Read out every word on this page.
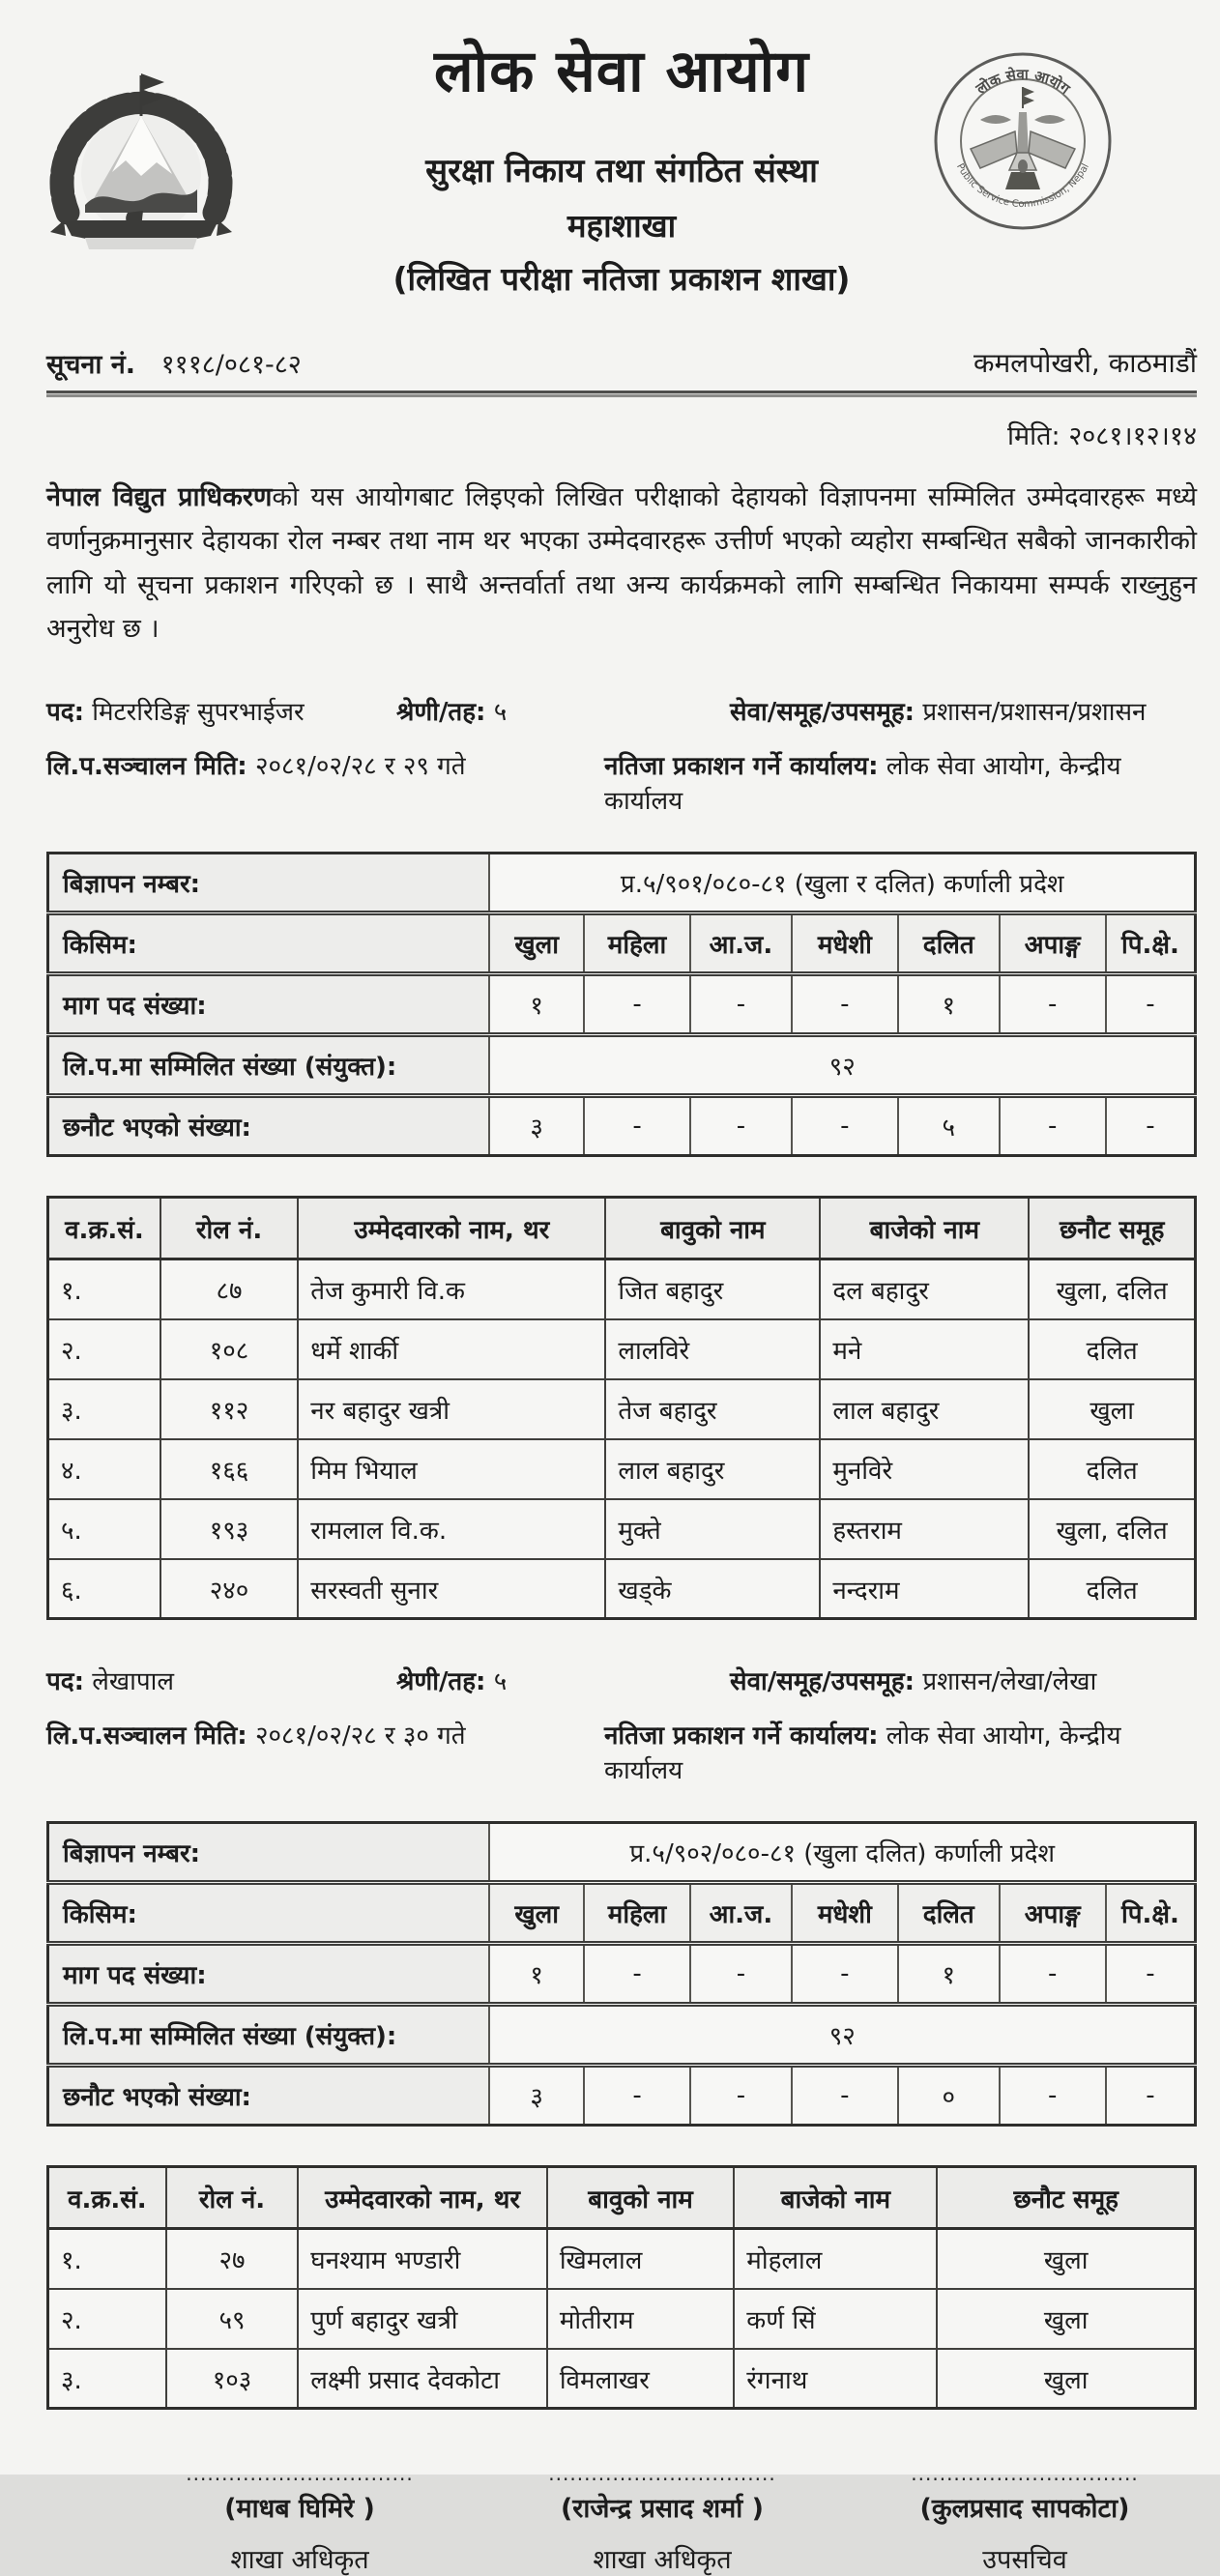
लोक सेवा आयोग	लोक सेवा आयोग
Public Service Commission, Nepal
सुरक्षा निकाय तथा संगठित संस्था
महाशाखा
(लिखित परीक्षा नतिजा प्रकाशन शाखा)
सूचना नं. १११८/०८१-८२	कमलपोखरी, काठमाडौं
मिति: २०८१।१२।१४

नेपाल विद्युत प्राधिकरणको यस आयोगबाट लिइएको लिखित परीक्षाको देहायको विज्ञापनमा सम्मिलित उम्मेदवारहरू मध्ये वर्णानुक्रमानुसार देहायका रोल नम्बर तथा नाम थर भएका उम्मेदवारहरू उत्तीर्ण भएको व्यहोरा सम्बन्धित सबैको जानकारीको लागि यो सूचना प्रकाशन गरिएको छ । साथै अन्तर्वार्ता तथा अन्य कार्यक्रमको लागि सम्बन्धित निकायमा सम्पर्क राख्नुहुन अनुरोध छ ।

पद: मिटररिडिङ्ग सुपरभाईजर	श्रेणी/तह: ५	सेवा/समूह/उपसमूह: प्रशासन/प्रशासन/प्रशासन
लि.प.सञ्चालन मिति: २०८१/०२/२८ र २९ गते	नतिजा प्रकाशन गर्ने कार्यालय: लोक सेवा आयोग, केन्द्रीय कार्यालय
बिज्ञापन नम्बर:	प्र.५/९०१/०८०-८१ (खुला र दलित) कर्णाली प्रदेश						
किसिम:	खुला	महिला	आ.ज.	मधेशी	दलित	अपाङ्ग	पि.क्षे.
माग पद संख्या:	१	-	-	-	१	-	-
लि.प.मा सम्मिलित संख्या (संयुक्त):	९२						
छनौट भएको संख्या:	३	-	-	-	५	-	-
व.क्र.सं.	रोल नं.	उम्मेदवारको नाम, थर	बावुको नाम	बाजेको नाम	छनौट समूह
१.	८७	तेज कुमारी वि.क	जित बहादुर	दल बहादुर	खुला, दलित
२.	१०८	धर्मे शार्की	लालविरे	मने	दलित
३.	११२	नर बहादुर खत्री	तेज बहादुर	लाल बहादुर	खुला
४.	१६६	मिम भियाल	लाल बहादुर	मुनविरे	दलित
५.	१९३	रामलाल वि.क.	मुक्ते	हस्तराम	खुला, दलित
६.	२४०	सरस्वती सुनार	खड्के	नन्दराम	दलित
पद: लेखापाल	श्रेणी/तह: ५	सेवा/समूह/उपसमूह: प्रशासन/लेखा/लेखा
लि.प.सञ्चालन मिति: २०८१/०२/२८ र ३० गते	नतिजा प्रकाशन गर्ने कार्यालय: लोक सेवा आयोग, केन्द्रीय कार्यालय
बिज्ञापन नम्बर:	प्र.५/९०२/०८०-८१ (खुला दलित) कर्णाली प्रदेश						
किसिम:	खुला	महिला	आ.ज.	मधेशी	दलित	अपाङ्ग	पि.क्षे.
माग पद संख्या:	१	-	-	-	१	-	-
लि.प.मा सम्मिलित संख्या (संयुक्त):	९२						
छनौट भएको संख्या:	३	-	-	-	०	-	-
व.क्र.सं.	रोल नं.	उम्मेदवारको नाम, थर	बावुको नाम	बाजेको नाम	छनौट समूह
१.	२७	घनश्याम भण्डारी	खिमलाल	मोहलाल	खुला
२.	५९	पुर्ण बहादुर खत्री	मोतीराम	कर्ण सिं	खुला
३.	१०३	लक्ष्मी प्रसाद देवकोटा	विमलाखर	रंगनाथ	खुला
................................
(माधब घिमिरे )
शाखा अधिकृत
................................
(राजेन्द्र प्रसाद शर्मा )
शाखा अधिकृत
................................
(कुलप्रसाद सापकोटा)
उपसचिव
